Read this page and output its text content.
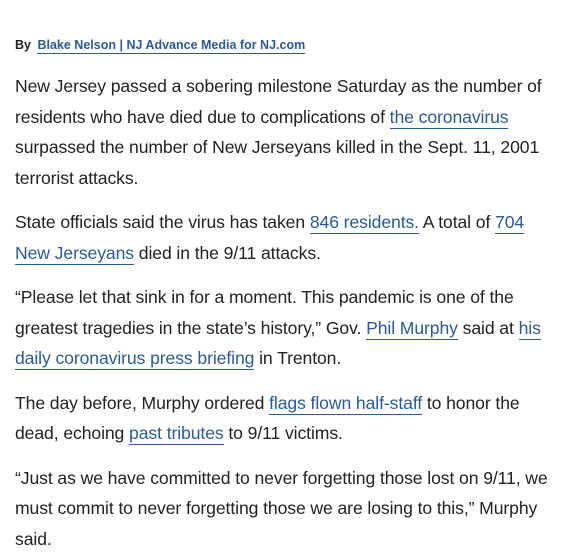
By Blake Nelson | NJ Advance Media for NJ.com

New Jersey passed a sobering milestone Saturday as the number of residents who have died due to complications of the coronavirus surpassed the number of New Jerseyans killed in the Sept. 11, 2001 terrorist attacks.

State officials said the virus has taken 846 residents. A total of 704 New Jerseyans died in the 9/11 attacks.

“Please let that sink in for a moment. This pandemic is one of the greatest tragedies in the state’s history,” Gov. Phil Murphy said at his daily coronavirus press briefing in Trenton.

The day before, Murphy ordered flags flown half-staff to honor the dead, echoing past tributes to 9/11 victims.

“Just as we have committed to never forgetting those lost on 9/11, we must commit to never forgetting those we are losing to this,” Murphy said.
